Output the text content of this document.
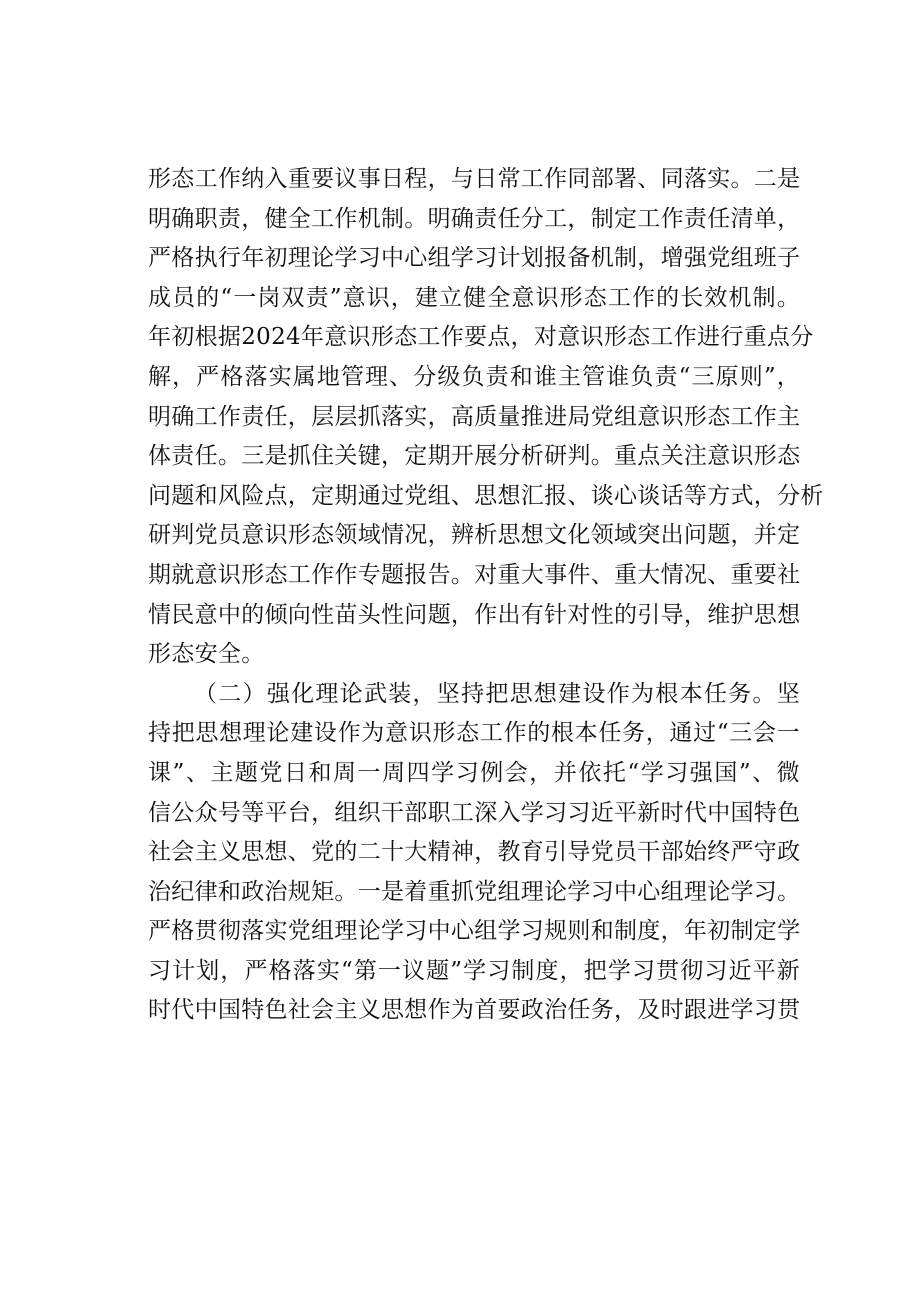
形态工作纳入重要议事日程，与日常工作同部署、同落实。二是
明确职责，健全工作机制。明确责任分工，制定工作责任清单，
严格执行年初理论学习中心组学习计划报备机制，增强党组班子
成员的“一岗双责”意识，建立健全意识形态工作的长效机制。
年初根据2024年意识形态工作要点，对意识形态工作进行重点分
解，严格落实属地管理、分级负责和谁主管谁负责“三原则”，
明确工作责任，层层抓落实，高质量推进局党组意识形态工作主
体责任。三是抓住关键，定期开展分析研判。重点关注意识形态
问题和风险点，定期通过党组、思想汇报、谈心谈话等方式，分析
研判党员意识形态领域情况，辨析思想文化领域突出问题，并定
期就意识形态工作作专题报告。对重大事件、重大情况、重要社
情民意中的倾向性苗头性问题，作出有针对性的引导，维护思想
形态安全。
（二）强化理论武装，坚持把思想建设作为根本任务。坚
持把思想理论建设作为意识形态工作的根本任务，通过“三会一
课”、主题党日和周一周四学习例会，并依托“学习强国”、微
信公众号等平台，组织干部职工深入学习习近平新时代中国特色
社会主义思想、党的二十大精神，教育引导党员干部始终严守政
治纪律和政治规矩。一是着重抓党组理论学习中心组理论学习。
严格贯彻落实党组理论学习中心组学习规则和制度，年初制定学
习计划，严格落实“第一议题”学习制度，把学习贯彻习近平新
时代中国特色社会主义思想作为首要政治任务，及时跟进学习贯
